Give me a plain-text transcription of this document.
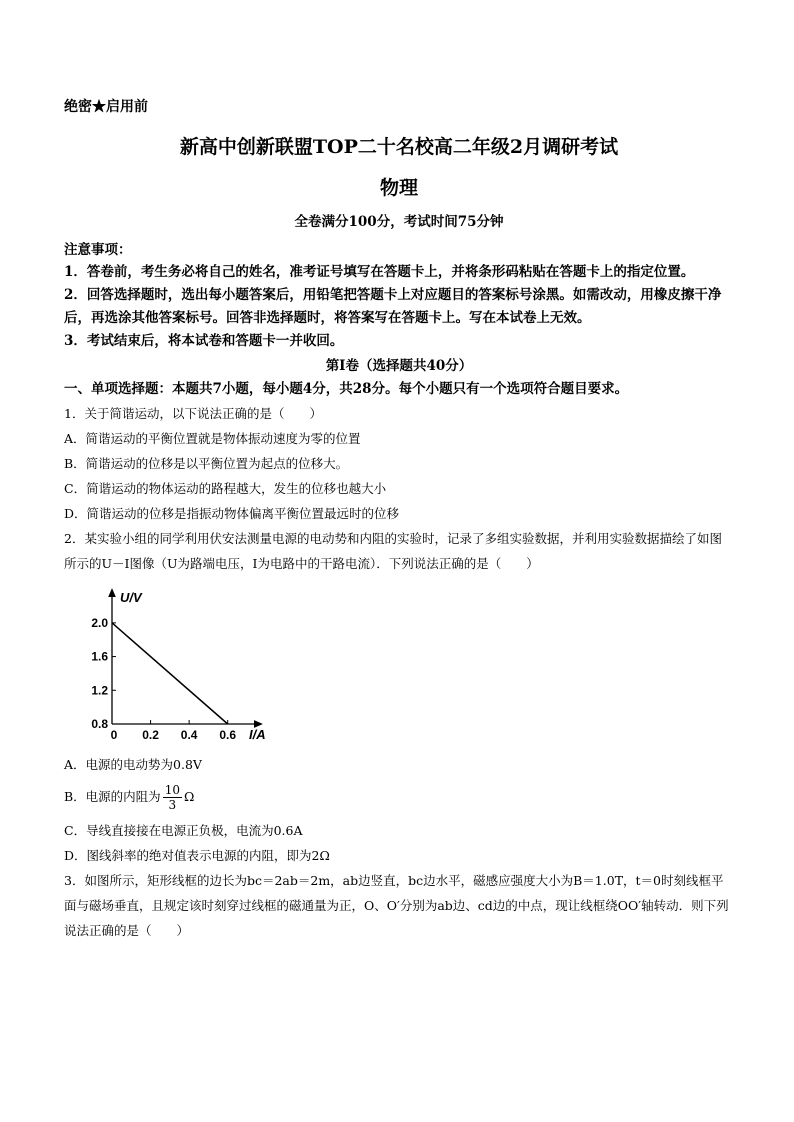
绝密★启用前
新高中创新联盟TOP二十名校高二年级2月调研考试
物理
全卷满分100分，考试时间75分钟
注意事项：
1．答卷前，考生务必将自己的姓名，准考证号填写在答题卡上，并将条形码粘贴在答题卡上的指定位置。
2．回答选择题时，选出每小题答案后，用铅笔把答题卡上对应题目的答案标号涂黑。如需改动，用橡皮擦干净后，再选涂其他答案标号。回答非选择题时，将答案写在答题卡上。写在本试卷上无效。
3．考试结束后，将本试卷和答题卡一并收回。
第Ⅰ卷（选择题共40分）
一、单项选择题：本题共7小题，每小题4分，共28分。每个小题只有一个选项符合题目要求。
1．关于简谐运动，以下说法正确的是（　　）
A．简谐运动的平衡位置就是物体振动速度为零的位置
B．简谐运动的位移是以平衡位置为起点的位移大。
C．简谐运动的物体运动的路程越大，发生的位移也越大小
D．简谐运动的位移是指振动物体偏离平衡位置最远时的位移
2．某实验小组的同学利用伏安法测量电源的电动势和内阻的实验时，记录了多组实验数据，并利用实验数据描绘了如图所示的U－I图像（U为路端电压，I为电路中的干路电流）．下列说法正确的是（　　）
0.8
1.2
1.6
2.0
0 0.2 0.4 0.6
U/V
I/A
A．电源的电动势为0.8V
B．电源的内阻为 $\frac{10}{3}$ Ω
C．导线直接接在电源正负极，电流为0.6A
D．图线斜率的绝对值表示电源的内阻，即为2Ω
3．如图所示，矩形线框的边长为bc＝2ab＝2m，ab边竖直，bc边水平，磁感应强度大小为B＝1.0T，t＝0时刻线框平面与磁场垂直，且规定该时刻穿过线框的磁通量为正，O、O′分别为ab边、cd边的中点，现让线框绕OO′轴转动．则下列说法正确的是（　　）
